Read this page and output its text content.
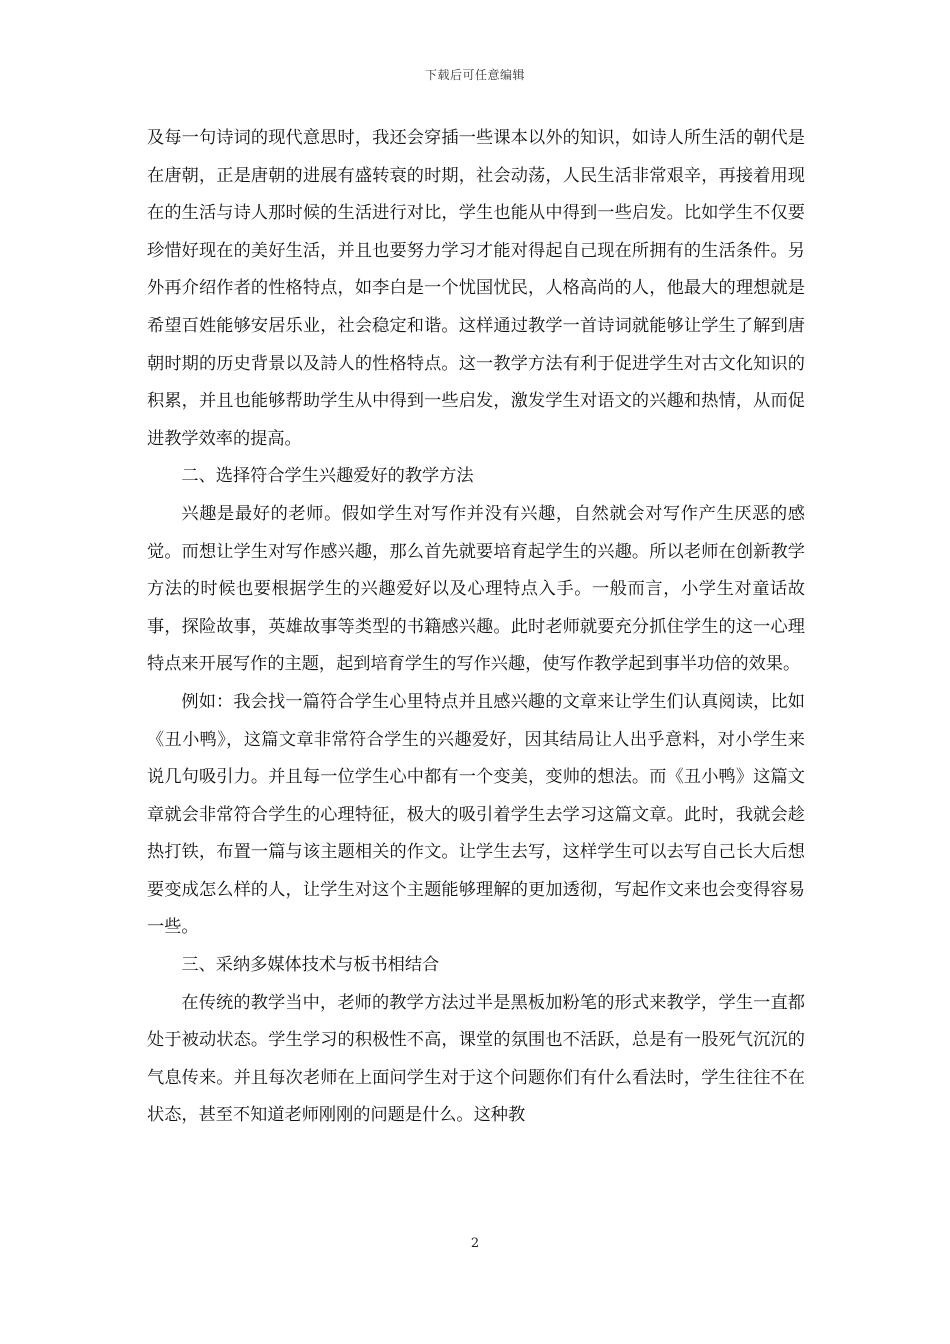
下载后可任意编辑

及每一句诗词的现代意思时，我还会穿插一些课本以外的知识，如诗人所生活的朝代是在唐朝，正是唐朝的进展有盛转衰的时期，社会动荡，人民生活非常艰辛，再接着用现在的生活与诗人那时候的生活进行对比，学生也能从中得到一些启发。比如学生不仅要珍惜好现在的美好生活，并且也要努力学习才能对得起自己现在所拥有的生活条件。另外再介绍作者的性格特点，如李白是一个忧国忧民，人格高尚的人，他最大的理想就是希望百姓能够安居乐业，社会稳定和谐。这样通过教学一首诗词就能够让学生了解到唐朝时期的历史背景以及詩人的性格特点。这一教学方法有利于促进学生对古文化知识的积累，并且也能够帮助学生从中得到一些启发，激发学生对语文的兴趣和热情，从而促进教学效率的提高。

二、选择符合学生兴趣爱好的教学方法

兴趣是最好的老师。假如学生对写作并没有兴趣，自然就会对写作产生厌恶的感觉。而想让学生对写作感兴趣，那么首先就要培育起学生的兴趣。所以老师在创新教学方法的时候也要根据学生的兴趣爱好以及心理特点入手。一般而言，小学生对童话故事，探险故事，英雄故事等类型的书籍感兴趣。此时老师就要充分抓住学生的这一心理特点来开展写作的主题，起到培育学生的写作兴趣，使写作教学起到事半功倍的效果。

例如：我会找一篇符合学生心里特点并且感兴趣的文章来让学生们认真阅读，比如《丑小鸭》，这篇文章非常符合学生的兴趣爱好，因其结局让人出乎意料，对小学生来说几句吸引力。并且每一位学生心中都有一个变美，变帅的想法。而《丑小鸭》这篇文章就会非常符合学生的心理特征，极大的吸引着学生去学习这篇文章。此时，我就会趁热打铁，布置一篇与该主题相关的作文。让学生去写，这样学生可以去写自己长大后想要变成怎么样的人，让学生对这个主题能够理解的更加透彻，写起作文来也会变得容易一些。

三、采纳多媒体技术与板书相结合

在传统的教学当中，老师的教学方法过半是黑板加粉笔的形式来教学，学生一直都处于被动状态。学生学习的积极性不高，课堂的氛围也不活跃，总是有一股死气沉沉的气息传来。并且每次老师在上面问学生对于这个问题你们有什么看法时，学生往往不在状态，甚至不知道老师刚刚的问题是什么。这种教

2
